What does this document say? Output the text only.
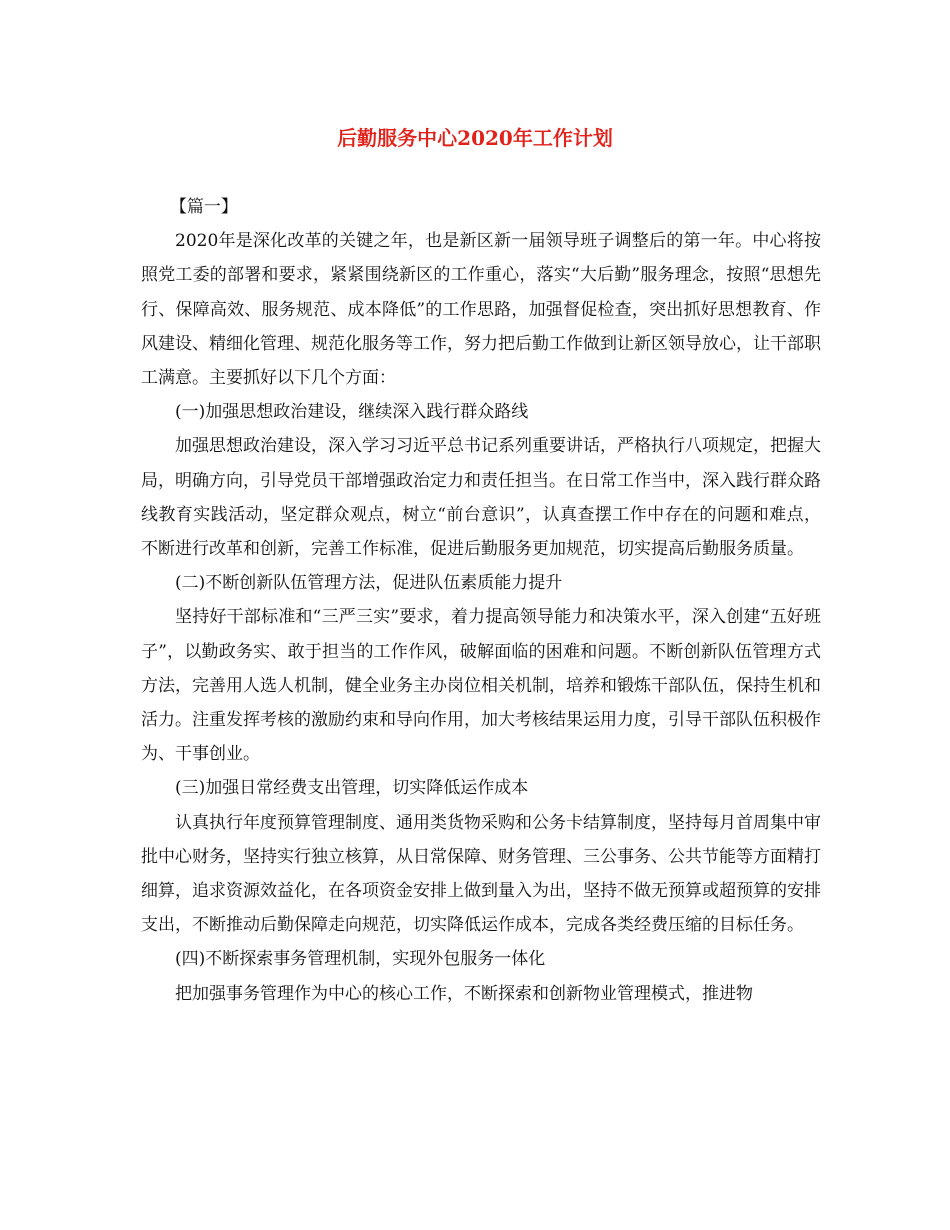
后勤服务中心2020年工作计划

【篇一】

2020年是深化改革的关键之年，也是新区新一届领导班子调整后的第一年。中心将按照党工委的部署和要求，紧紧围绕新区的工作重心，落实“大后勤”服务理念，按照“思想先行、保障高效、服务规范、成本降低”的工作思路，加强督促检查，突出抓好思想教育、作风建设、精细化管理、规范化服务等工作，努力把后勤工作做到让新区领导放心，让干部职工满意。主要抓好以下几个方面：

(一)加强思想政治建设，继续深入践行群众路线

加强思想政治建设，深入学习习近平总书记系列重要讲话，严格执行八项规定，把握大局，明确方向，引导党员干部增强政治定力和责任担当。在日常工作当中，深入践行群众路线教育实践活动，坚定群众观点，树立“前台意识”，认真查摆工作中存在的问题和难点，不断进行改革和创新，完善工作标准，促进后勤服务更加规范，切实提高后勤服务质量。

(二)不断创新队伍管理方法，促进队伍素质能力提升

坚持好干部标准和“三严三实”要求，着力提高领导能力和决策水平，深入创建“五好班子”，以勤政务实、敢于担当的工作作风，破解面临的困难和问题。不断创新队伍管理方式方法，完善用人选人机制，健全业务主办岗位相关机制，培养和锻炼干部队伍，保持生机和活力。注重发挥考核的激励约束和导向作用，加大考核结果运用力度，引导干部队伍积极作为、干事创业。

(三)加强日常经费支出管理，切实降低运作成本

认真执行年度预算管理制度、通用类货物采购和公务卡结算制度，坚持每月首周集中审批中心财务，坚持实行独立核算，从日常保障、财务管理、三公事务、公共节能等方面精打细算，追求资源效益化，在各项资金安排上做到量入为出，坚持不做无预算或超预算的安排支出，不断推动后勤保障走向规范，切实降低运作成本，完成各类经费压缩的目标任务。

(四)不断探索事务管理机制，实现外包服务一体化

把加强事务管理作为中心的核心工作，不断探索和创新物业管理模式，推进物
